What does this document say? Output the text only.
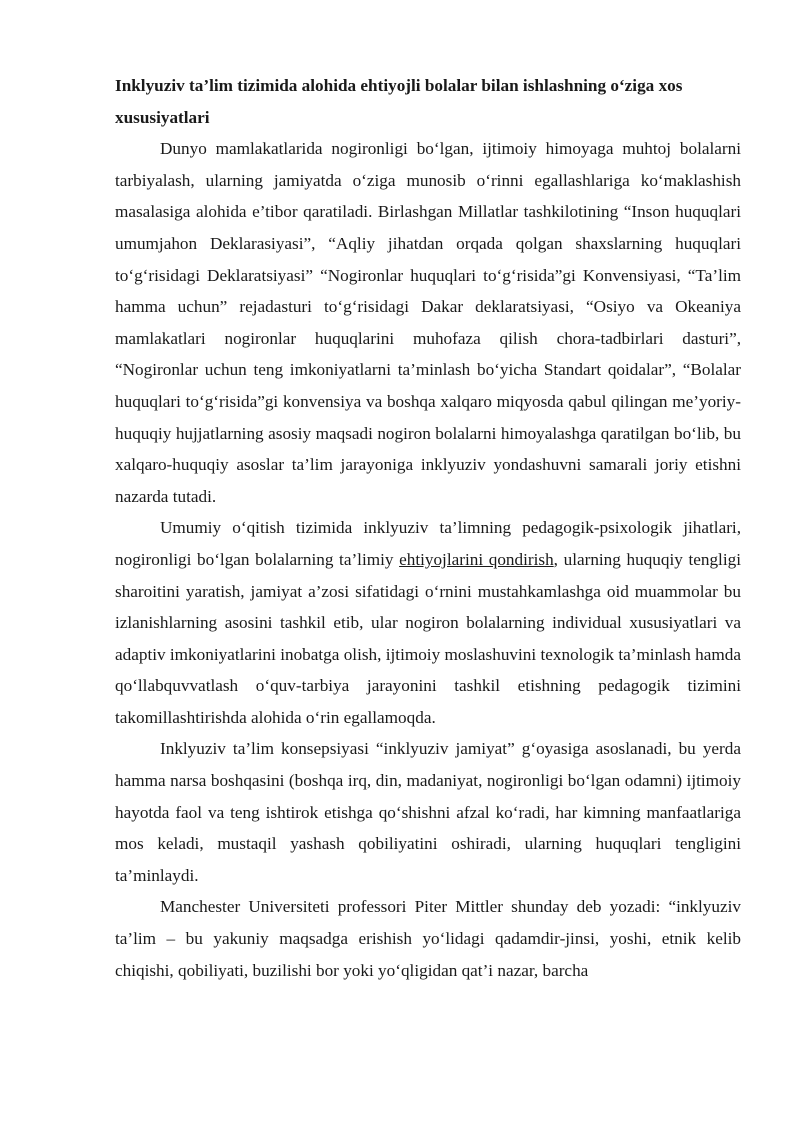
Inklyuziv ta’lim tizimida alohida ehtiyojli bolalar bilan ishlashning o‘ziga xos xususiyatlari

Dunyo mamlakatlarida nogironligi bo‘lgan, ijtimoiy himoyaga muhtoj bolalarni tarbiyalash, ularning jamiyatda o‘ziga munosib o‘rinni egallashlariga ko‘maklashish masalasiga alohida e’tibor qaratiladi. Birlashgan Millatlar tashkilotining “Inson huquqlari umumjahon Deklarasiyasi”, “Aqliy jihatdan orqada qolgan shaxslarning huquqlari to‘g‘risidagi Deklaratsiyasi” “Nogironlar huquqlari to‘g‘risida”gi Konvensiyasi, “Ta’lim hamma uchun” rejadasturi to‘g‘risidagi Dakar deklaratsiyasi, “Osiyo va Okeaniya mamlakatlari nogironlar huquqlarini muhofaza qilish chora-tadbirlari dasturi”, “Nogironlar uchun teng imkoniyatlarni ta’minlash bo‘yicha Standart qoidalar”, “Bolalar huquqlari to‘g‘risida”gi konvensiya va boshqa xalqaro miqyosda qabul qilingan me’yoriy-huquqiy hujjatlarning asosiy maqsadi nogiron bolalarni himoyalashga qaratilgan bo‘lib, bu xalqaro-huquqiy asoslar ta’lim jarayoniga inklyuziv yondashuvni samarali joriy etishni nazarda tutadi.

Umumiy o‘qitish tizimida inklyuziv ta’limning pedagogik-psixologik jihatlari, nogironligi bo‘lgan bolalarning ta’limiy ehtiyojlarini qondirish, ularning huquqiy tengligi sharoitini yaratish, jamiyat a’zosi sifatidagi o‘rnini mustahkamlashga oid muammolar bu izlanishlarning asosini tashkil etib, ular nogiron bolalarning individual xususiyatlari va adaptiv imkoniyatlarini inobatga olish, ijtimoiy moslashuvini texnologik ta’minlash hamda qo‘llabquvvatlash o‘quv-tarbiya jarayonini tashkil etishning pedagogik tizimini takomillashtirishda alohida o‘rin egallamoqda.

Inklyuziv ta’lim konsepsiyasi “inklyuziv jamiyat” g‘oyasiga asoslanadi, bu yerda hamma narsa boshqasini (boshqa irq, din, madaniyat, nogironligi bo‘lgan odamni) ijtimoiy hayotda faol va teng ishtirok etishga qo‘shishni afzal ko‘radi, har kimning manfaatlariga mos keladi, mustaqil yashash qobiliyatini oshiradi, ularning huquqlari tengligini ta’minlaydi.

Manchester Universiteti professori Piter Mittler shunday deb yozadi: “inklyuziv ta’lim – bu yakuniy maqsadga erishish yo‘lidagi qadamdir-jinsi, yoshi, etnik kelib chiqishi, qobiliyati, buzilishi bor yoki yo‘qligidan qat’i nazar, barcha
